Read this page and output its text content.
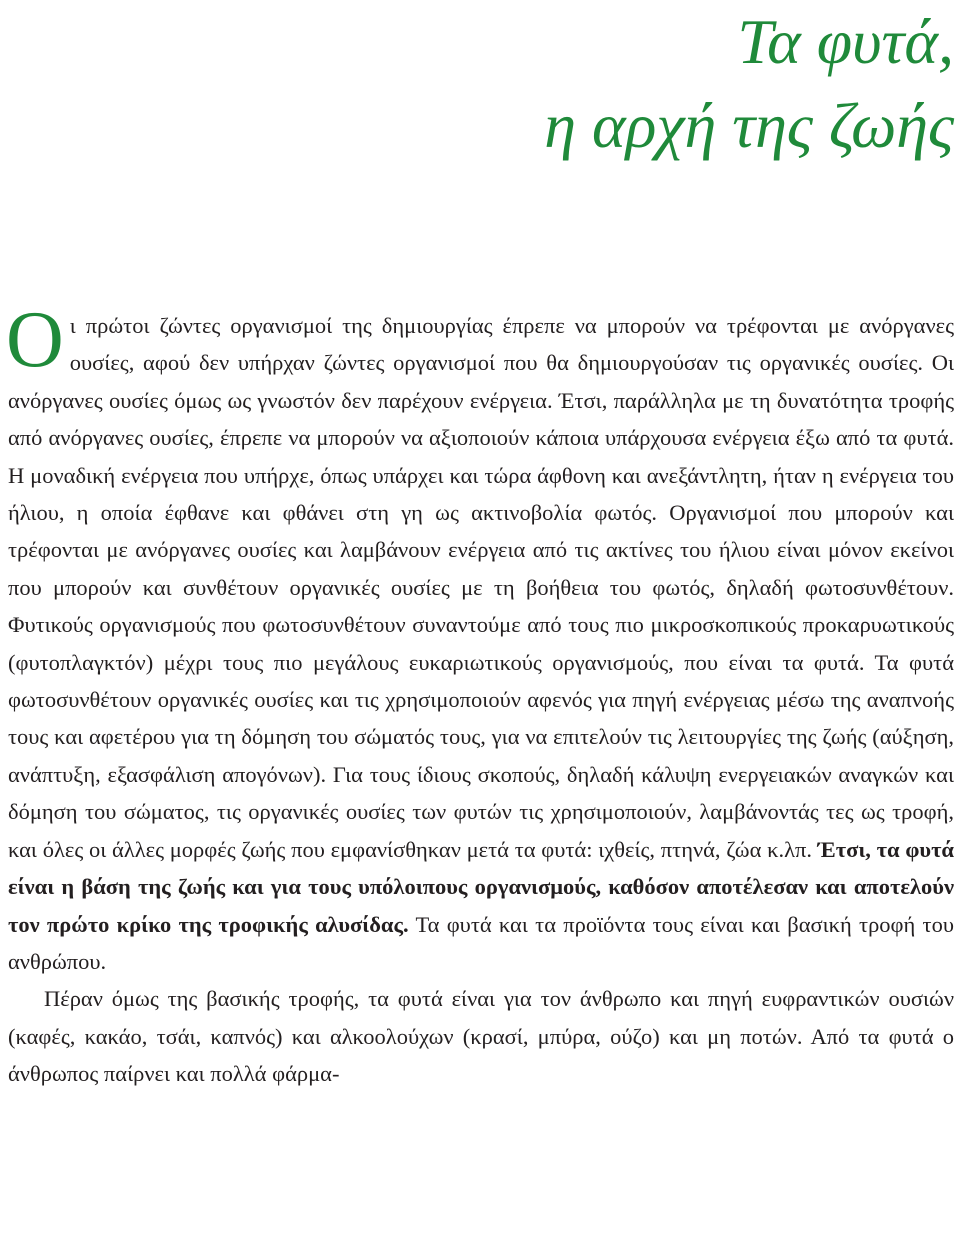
Τα φυτά,
η αρχή της ζωής

Οι πρώτοι ζώντες οργανισμοί της δημιουργίας έπρεπε να μπορούν να τρέφονται με ανόργανες ουσίες, αφού δεν υπήρχαν ζώντες οργανισμοί που θα δημιουργούσαν τις οργανικές ουσίες. Οι ανόργανες ουσίες όμως ως γνωστόν δεν παρέχουν ενέργεια. Έτσι, παράλληλα με τη δυνατότητα τροφής από ανόργανες ουσίες, έπρεπε να μπορούν να αξιοποιούν κάποια υπάρχουσα ενέργεια έξω από τα φυτά. Η μοναδική ενέργεια που υπήρχε, όπως υπάρχει και τώρα άφθονη και ανεξάντλητη, ήταν η ενέργεια του ήλιου, η οποία έφθανε και φθάνει στη γη ως ακτινοβολία φωτός. Οργανισμοί που μπορούν και τρέφονται με ανόργανες ουσίες και λαμβάνουν ενέργεια από τις ακτίνες του ήλιου είναι μόνον εκείνοι που μπορούν και συνθέτουν οργανικές ουσίες με τη βοήθεια του φωτός, δηλαδή φωτοσυνθέτουν. Φυτικούς οργανισμούς που φωτοσυνθέτουν συναντούμε από τους πιο μικροσκοπικούς προκαρυωτικούς (φυτοπλαγκτόν) μέχρι τους πιο μεγάλους ευκαριωτικούς οργανισμούς, που είναι τα φυτά. Τα φυτά φωτοσυνθέτουν οργανικές ουσίες και τις χρησιμοποιούν αφενός για πηγή ενέργειας μέσω της αναπνοής τους και αφετέρου για τη δόμηση του σώματός τους, για να επιτελούν τις λειτουργίες της ζωής (αύξηση, ανάπτυξη, εξασφάλιση απογόνων). Για τους ίδιους σκοπούς, δηλαδή κάλυψη ενεργειακών αναγκών και δόμηση του σώματος, τις οργανικές ουσίες των φυτών τις χρησιμοποιούν, λαμβάνοντάς τες ως τροφή, και όλες οι άλλες μορφές ζωής που εμφανίσθηκαν μετά τα φυτά: ιχθείς, πτηνά, ζώα κ.λπ. Έτσι, τα φυτά είναι η βάση της ζωής και για τους υπόλοιπους οργανισμούς, καθόσον αποτέλεσαν και αποτελούν τον πρώτο κρίκο της τροφικής αλυσίδας. Τα φυτά και τα προϊόντα τους είναι και βασική τροφή του ανθρώπου.

Πέραν όμως της βασικής τροφής, τα φυτά είναι για τον άνθρωπο και πηγή ευφραντικών ουσιών (καφές, κακάο, τσάι, καπνός) και αλκοολούχων (κρασί, μπύρα, ούζο) και μη ποτών. Από τα φυτά ο άνθρωπος παίρνει και πολλά φάρμα-
